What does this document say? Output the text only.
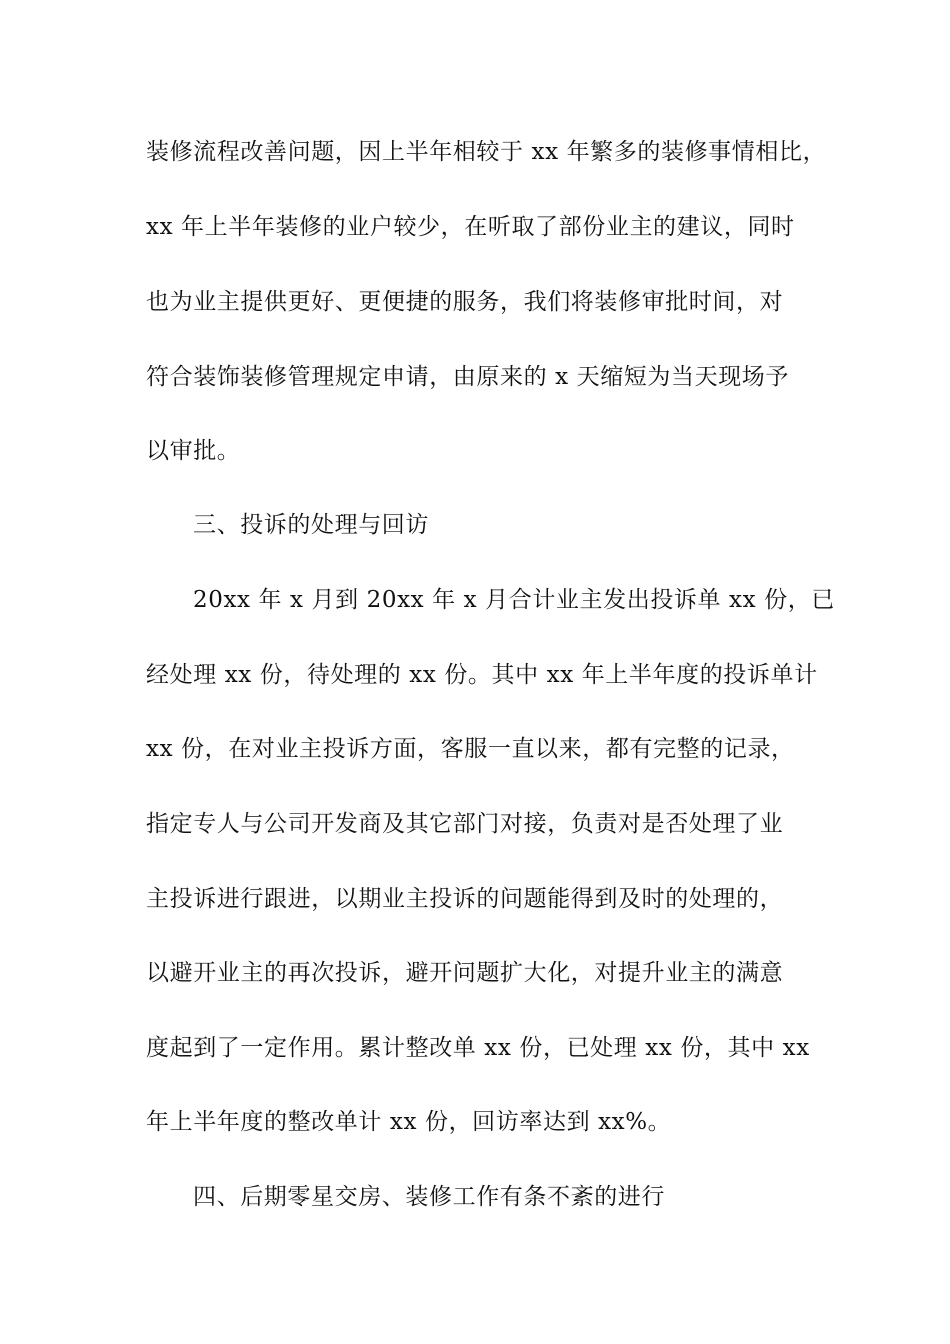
装修流程改善问题，因上半年相较于 xx 年繁多的装修事情相比，
xx 年上半年装修的业户较少，在听取了部份业主的建议，同时
也为业主提供更好、更便捷的服务，我们将装修审批时间，对
符合装饰装修管理规定申请，由原来的 x 天缩短为当天现场予
以审批。
三、投诉的处理与回访
20xx 年 x 月到 20xx 年 x 月合计业主发出投诉单 xx 份，已
经处理 xx 份，待处理的 xx 份。其中 xx 年上半年度的投诉单计
xx 份，在对业主投诉方面，客服一直以来，都有完整的记录，
指定专人与公司开发商及其它部门对接，负责对是否处理了业
主投诉进行跟进，以期业主投诉的问题能得到及时的处理的，
以避开业主的再次投诉，避开问题扩大化，对提升业主的满意
度起到了一定作用。累计整改单 xx 份，已处理 xx 份，其中 xx
年上半年度的整改单计 xx 份，回访率达到 xx%。
四、后期零星交房、装修工作有条不紊的进行
